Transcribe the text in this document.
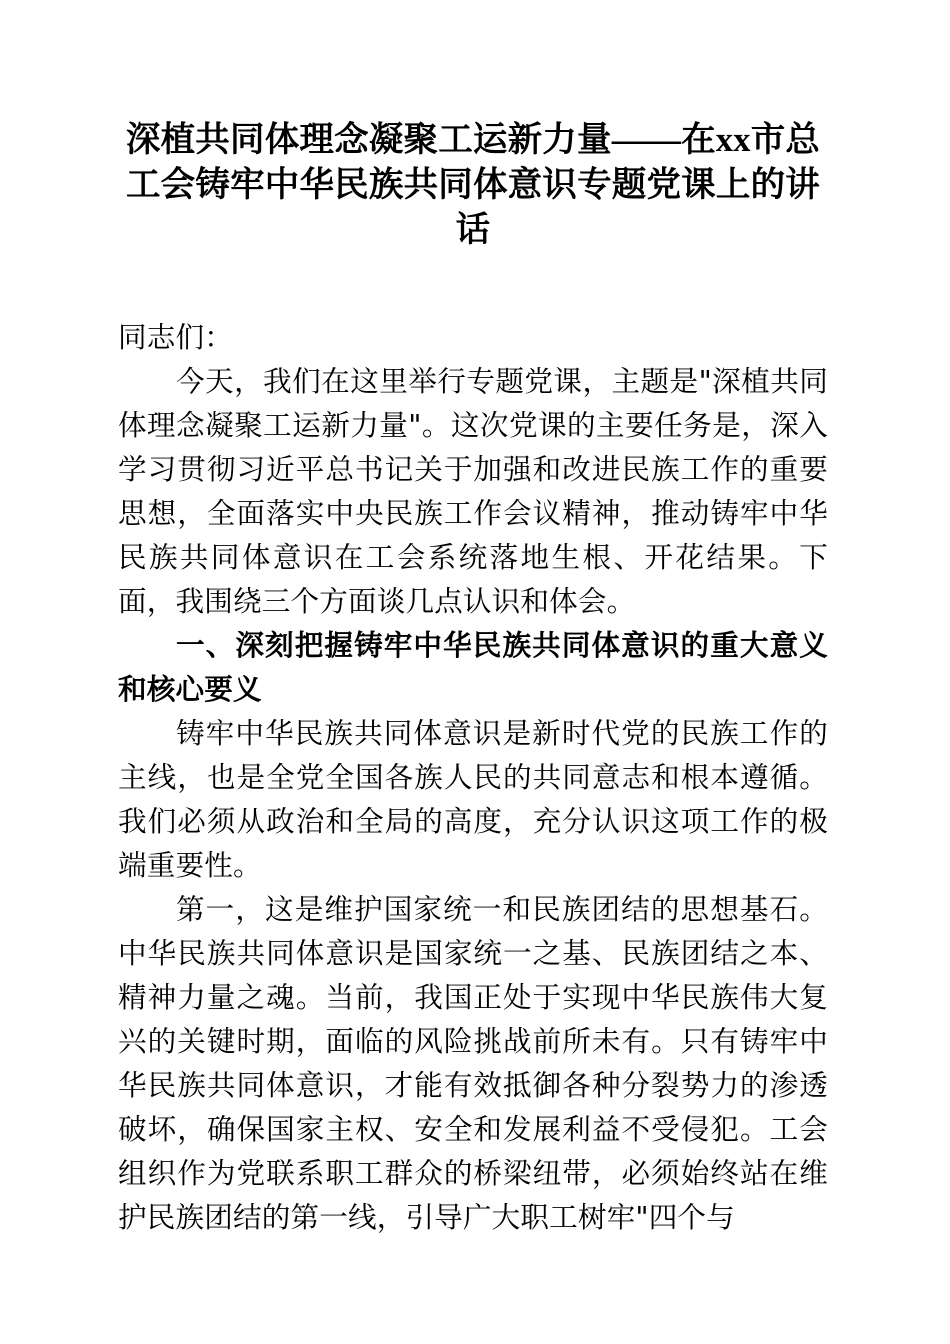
深植共同体理念凝聚工运新力量——在xx市总工会铸牢中华民族共同体意识专题党课上的讲话

同志们：

今天，我们在这里举行专题党课，主题是"深植共同体理念凝聚工运新力量"。这次党课的主要任务是，深入学习贯彻习近平总书记关于加强和改进民族工作的重要思想，全面落实中央民族工作会议精神，推动铸牢中华民族共同体意识在工会系统落地生根、开花结果。下面，我围绕三个方面谈几点认识和体会。

一、深刻把握铸牢中华民族共同体意识的重大意义和核心要义

铸牢中华民族共同体意识是新时代党的民族工作的主线，也是全党全国各族人民的共同意志和根本遵循。我们必须从政治和全局的高度，充分认识这项工作的极端重要性。

第一，这是维护国家统一和民族团结的思想基石。中华民族共同体意识是国家统一之基、民族团结之本、精神力量之魂。当前，我国正处于实现中华民族伟大复兴的关键时期，面临的风险挑战前所未有。只有铸牢中华民族共同体意识，才能有效抵御各种分裂势力的渗透破坏，确保国家主权、安全和发展利益不受侵犯。工会组织作为党联系职工群众的桥梁纽带，必须始终站在维护民族团结的第一线，引导广大职工树牢"四个与
